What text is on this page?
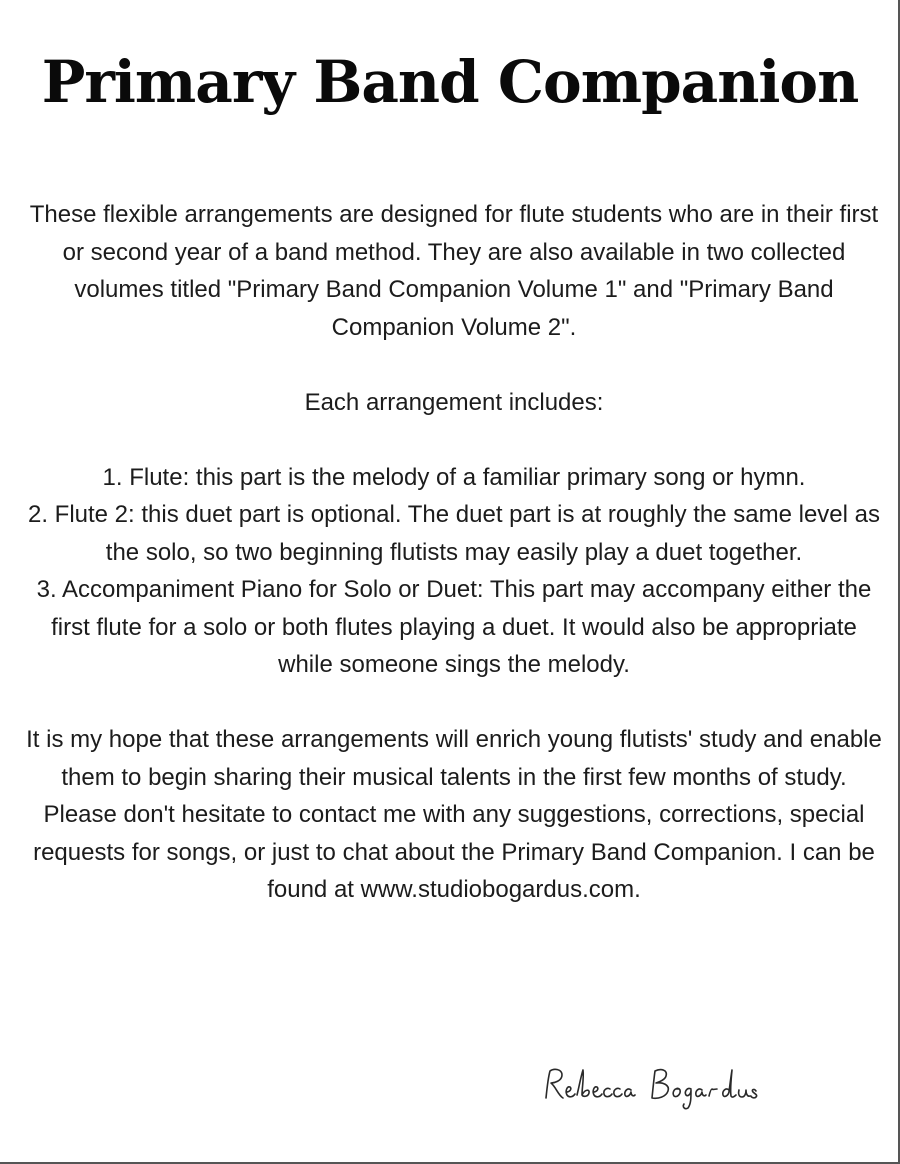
Primary Band Companion

These flexible arrangements are designed for flute students who are in their first or second year of a band method. They are also available in two collected volumes titled "Primary Band Companion Volume 1" and "Primary Band Companion Volume 2".

Each arrangement includes:

1. Flute: this part is the melody of a familiar primary song or hymn.

2. Flute 2: this duet part is optional. The duet part is at roughly the same level as the solo, so two beginning flutists may easily play a duet together.

3. Accompaniment Piano for Solo or Duet: This part may accompany either the first flute for a solo or both flutes playing a duet. It would also be appropriate while someone sings the melody.

It is my hope that these arrangements will enrich young flutists' study and enable them to begin sharing their musical talents in the first few months of study. Please don't hesitate to contact me with any suggestions, corrections, special requests for songs, or just to chat about the Primary Band Companion. I can be found at www.studiobogardus.com.
